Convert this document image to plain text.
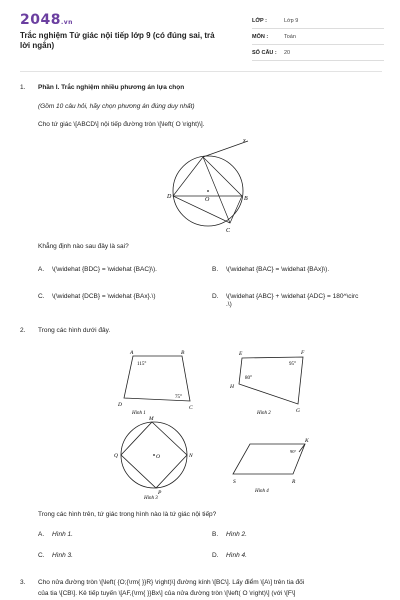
2048.vn
Trắc nghiệm Tứ giác nội tiếp lớp 9 (có đúng sai, trả lời ngắn)
LỚP :	Lớp 9
MÔN :	Toán
SỐ CÂU :	20
1. Phần I. Trắc nghiệm nhiều phương án lựa chọn
(Gồm 10 câu hỏi, hãy chọn phương án đúng duy nhất)
Cho tứ giác \[ABCD\] nội tiếp đường tròn \[\left( O \right)\].
D	O	B
C
x
Khẳng định nào sau đây là sai?
A. \(\widehat {BDC} = \widehat {BAC}\).	B. \(\widehat {BAC} = \widehat {BAx}\).
C. \(\widehat {DCB} = \widehat {BAx}.\)	D. \(\widehat {ABC} + \widehat {ADC} = 180^\circ .\)
2. Trong các hình dưới đây.
A	B
C
D
115°
75°
Hình 1
E	F
G
H
80°
95°
Hình 2
M
N
P
Q	O
Hình 3
K
S	R
90°
Hình 4
Trong các hình trên, tứ giác trong hình nào là tứ giác nội tiếp?
A. Hình 1.	B. Hình 2.
C. Hình 3.	D. Hình 4.
3. Cho nửa đường tròn \[\left( {O;{\rm{ }}R} \right)\] đường kính \[BC\]. Lấy điểm \[A\] trên tia đối
của tia \[CB\]. Kẻ tiếp tuyến \[AF,{\rm{ }}Bx\] của nửa đường tròn \[\left( O \right)\] (với \[F\]
